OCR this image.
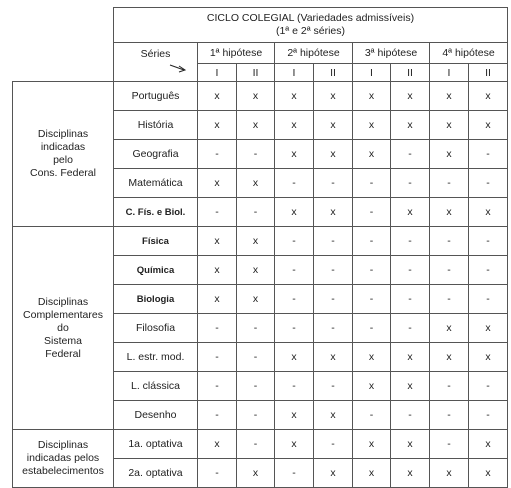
	CICLO COLEGIAL (Variedades admissíveis)
(1ª e 2ª séries)								

	Séries	1ª hipótese		2ª hipótese		3ª hipótese		4ª hipótese	
		I	II	I	II	I	II	I	II

Disciplinas
indicadas
pelo
Cons. Federal	Português	x	x	x	x	x	x	x	x
	História	x	x	x	x	x	x	x	x
	Geografia	-	-	x	x	x	-	x	-
	Matemática	x	x	-	-	-	-	-	-
	C. Fís. e Biol.	-	-	x	x	-	x	x	x

Disciplinas
Complementares
do
Sistema
Federal	Física	x	x	-	-	-	-	-	-
	Química	x	x	-	-	-	-	-	-
	Biologia	x	x	-	-	-	-	-	-
	Filosofia	-	-	-	-	-	-	x	x
	L. estr. mod.	-	-	x	x	x	x	x	x
	L. clássica	-	-	-	-	x	x	-	-
	Desenho	-	-	x	x	-	-	-	-

Disciplinas
indicadas pelos
estabelecimentos	1a. optativa	x	-	x	-	x	x	-	x
	2a. optativa	-	x	-	x	x	x	x	x
